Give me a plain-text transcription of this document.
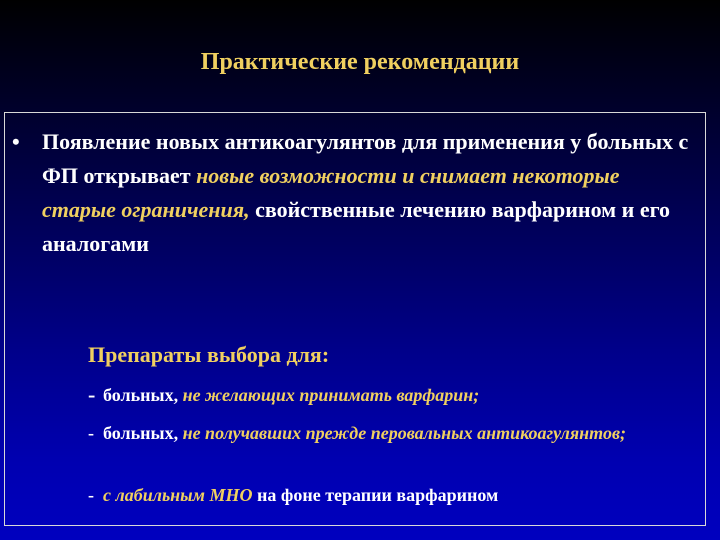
Практические рекомендации
• Появление новых антикоагулянтов для применения у больных с ФП открывает новые возможности и снимает некоторые старые ограничения, свойственные лечению варфарином и его аналогами
Препараты выбора для:
- больных, не желающих принимать варфарин;
- больных, не получавших прежде перовальных антикоагулянтов;
- с лабильным МНО на фоне терапии варфарином
